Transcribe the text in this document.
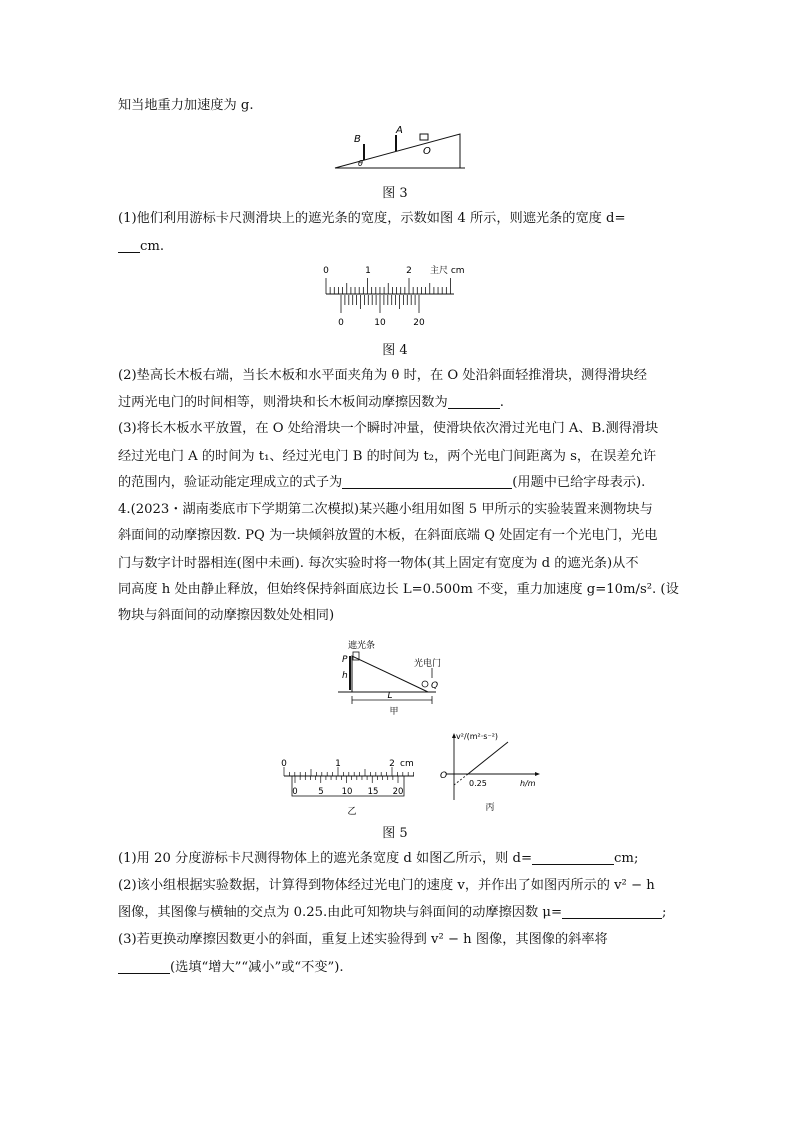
知当地重力加速度为 g.
B
A
O
θ
图 3
(1)他们利用游标卡尺测滑块上的遮光条的宽度，示数如图 4 所示，则遮光条的宽度 d=
cm.
0	1	2 主尺 cm
0	10	20
图 4
(2)垫高长木板右端，当长木板和水平面夹角为 θ 时，在 O 处沿斜面轻推滑块，测得滑块经
过两光电门的时间相等，则滑块和长木板间动摩擦因数为	.
(3)将长木板水平放置，在 O 处给滑块一个瞬时冲量，使滑块依次滑过光电门 A、B.测得滑块
经过光电门 A 的时间为 t₁、经过光电门 B 的时间为 t₂，两个光电门间距离为 s，在误差允许
的范围内，验证动能定理成立的式子为	(用题中已给字母表示).
4.(2023・湖南娄底市下学期第二次模拟)某兴趣小组用如图 5 甲所示的实验装置来测物块与
斜面间的动摩擦因数. PQ 为一块倾斜放置的木板，在斜面底端 Q 处固定有一个光电门，光电
门与数字计时器相连(图中未画). 每次实验时将一物体(其上固定有宽度为 d 的遮光条)从不
同高度 h 处由静止释放，但始终保持斜面底边长 L=0.500m 不变，重力加速度 g=10m/s². (设
物块与斜面间的动摩擦因数处处相同)
遮光条
光电门
P
Q
h
L
甲
0	1	2 cm
0 5 10 15 20
乙
v²/(m²·s⁻²)
h/m
O
0.25
丙
图 5
(1)用 20 分度游标卡尺测得物体上的遮光条宽度 d 如图乙所示，则 d=	cm;
(2)该小组根据实验数据，计算得到物体经过光电门的速度 v，并作出了如图丙所示的 v² − h
图像，其图像与横轴的交点为 0.25.由此可知物块与斜面间的动摩擦因数 μ=	;
(3)若更换动摩擦因数更小的斜面，重复上述实验得到 v² − h 图像，其图像的斜率将
(选填“增大”“减小”或“不变”).
